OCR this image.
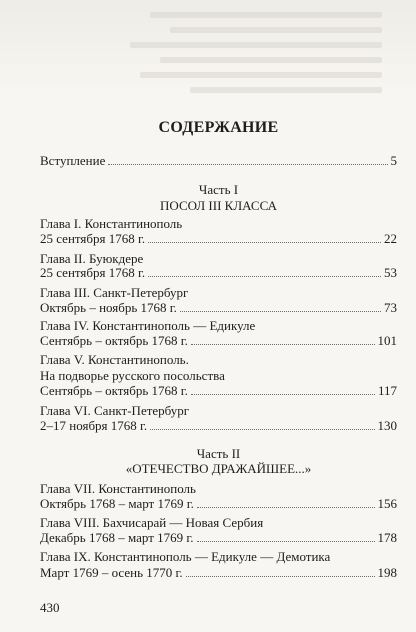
СОДЕРЖАНИЕ
Вступление	5
Часть I
ПОСОЛ III КЛАССА
Глава I. Константинополь
25 сентября 1768 г.	22
Глава II. Буюкдере
25 сентября 1768 г.	53
Глава III. Санкт-Петербург
Октябрь – ноябрь 1768 г.	73
Глава IV. Константинополь — Едикуле
Сентябрь – октябрь 1768 г.	101
Глава V. Константинополь.
На подворье русского посольства
Сентябрь – октябрь 1768 г.	117
Глава VI. Санкт-Петербург
2–17 ноября 1768 г.	130
Часть II
«ОТЕЧЕСТВО ДРАЖАЙШЕЕ...»
Глава VII. Константинополь
Октябрь 1768 – март 1769 г.	156
Глава VIII. Бахчисарай — Новая Сербия
Декабрь 1768 – март 1769 г.	178
Глава IX. Константинополь — Едикуле — Демотика
Март 1769 – осень 1770 г.	198
430
